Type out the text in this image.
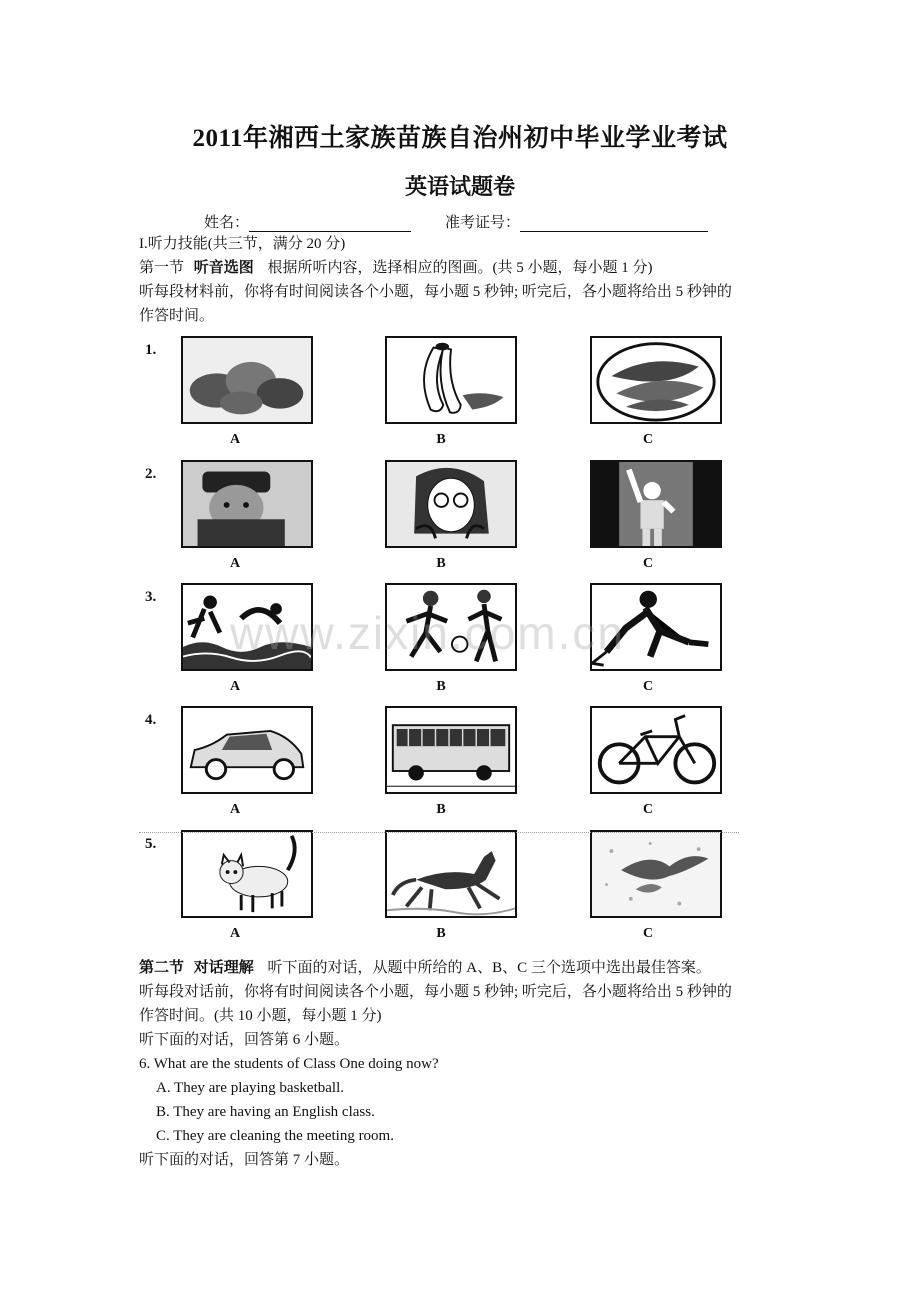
2011年湘西土家族苗族自治州初中毕业学业考试
英语试题卷
姓名：	准考证号：
I.听力技能(共三节，满分 20 分)
第一节 听音选图 根据所听内容，选择相应的图画。(共 5 小题，每小题 1 分)
听每段材料前，你将有时间阅读各个小题，每小题 5 秒钟; 听完后，各小题将给出 5 秒钟的
作答时间。
1.
A	B	C
2.
A	B	C
3.
A	B	C
4.
A	B	C
5.
A	B	C
www.zixin.com.cn
第二节 对话理解 听下面的对话，从题中所给的 A、B、C 三个选项中选出最佳答案。
听每段对话前，你将有时间阅读各个小题，每小题 5 秒钟; 听完后，各小题将给出 5 秒钟的
作答时间。(共 10 小题，每小题 1 分)
听下面的对话，回答第 6 小题。
6. What are the students of Class One doing now?
A. They are playing basketball.
B. They are having an English class.
C. They are cleaning the meeting room.
听下面的对话，回答第 7 小题。
